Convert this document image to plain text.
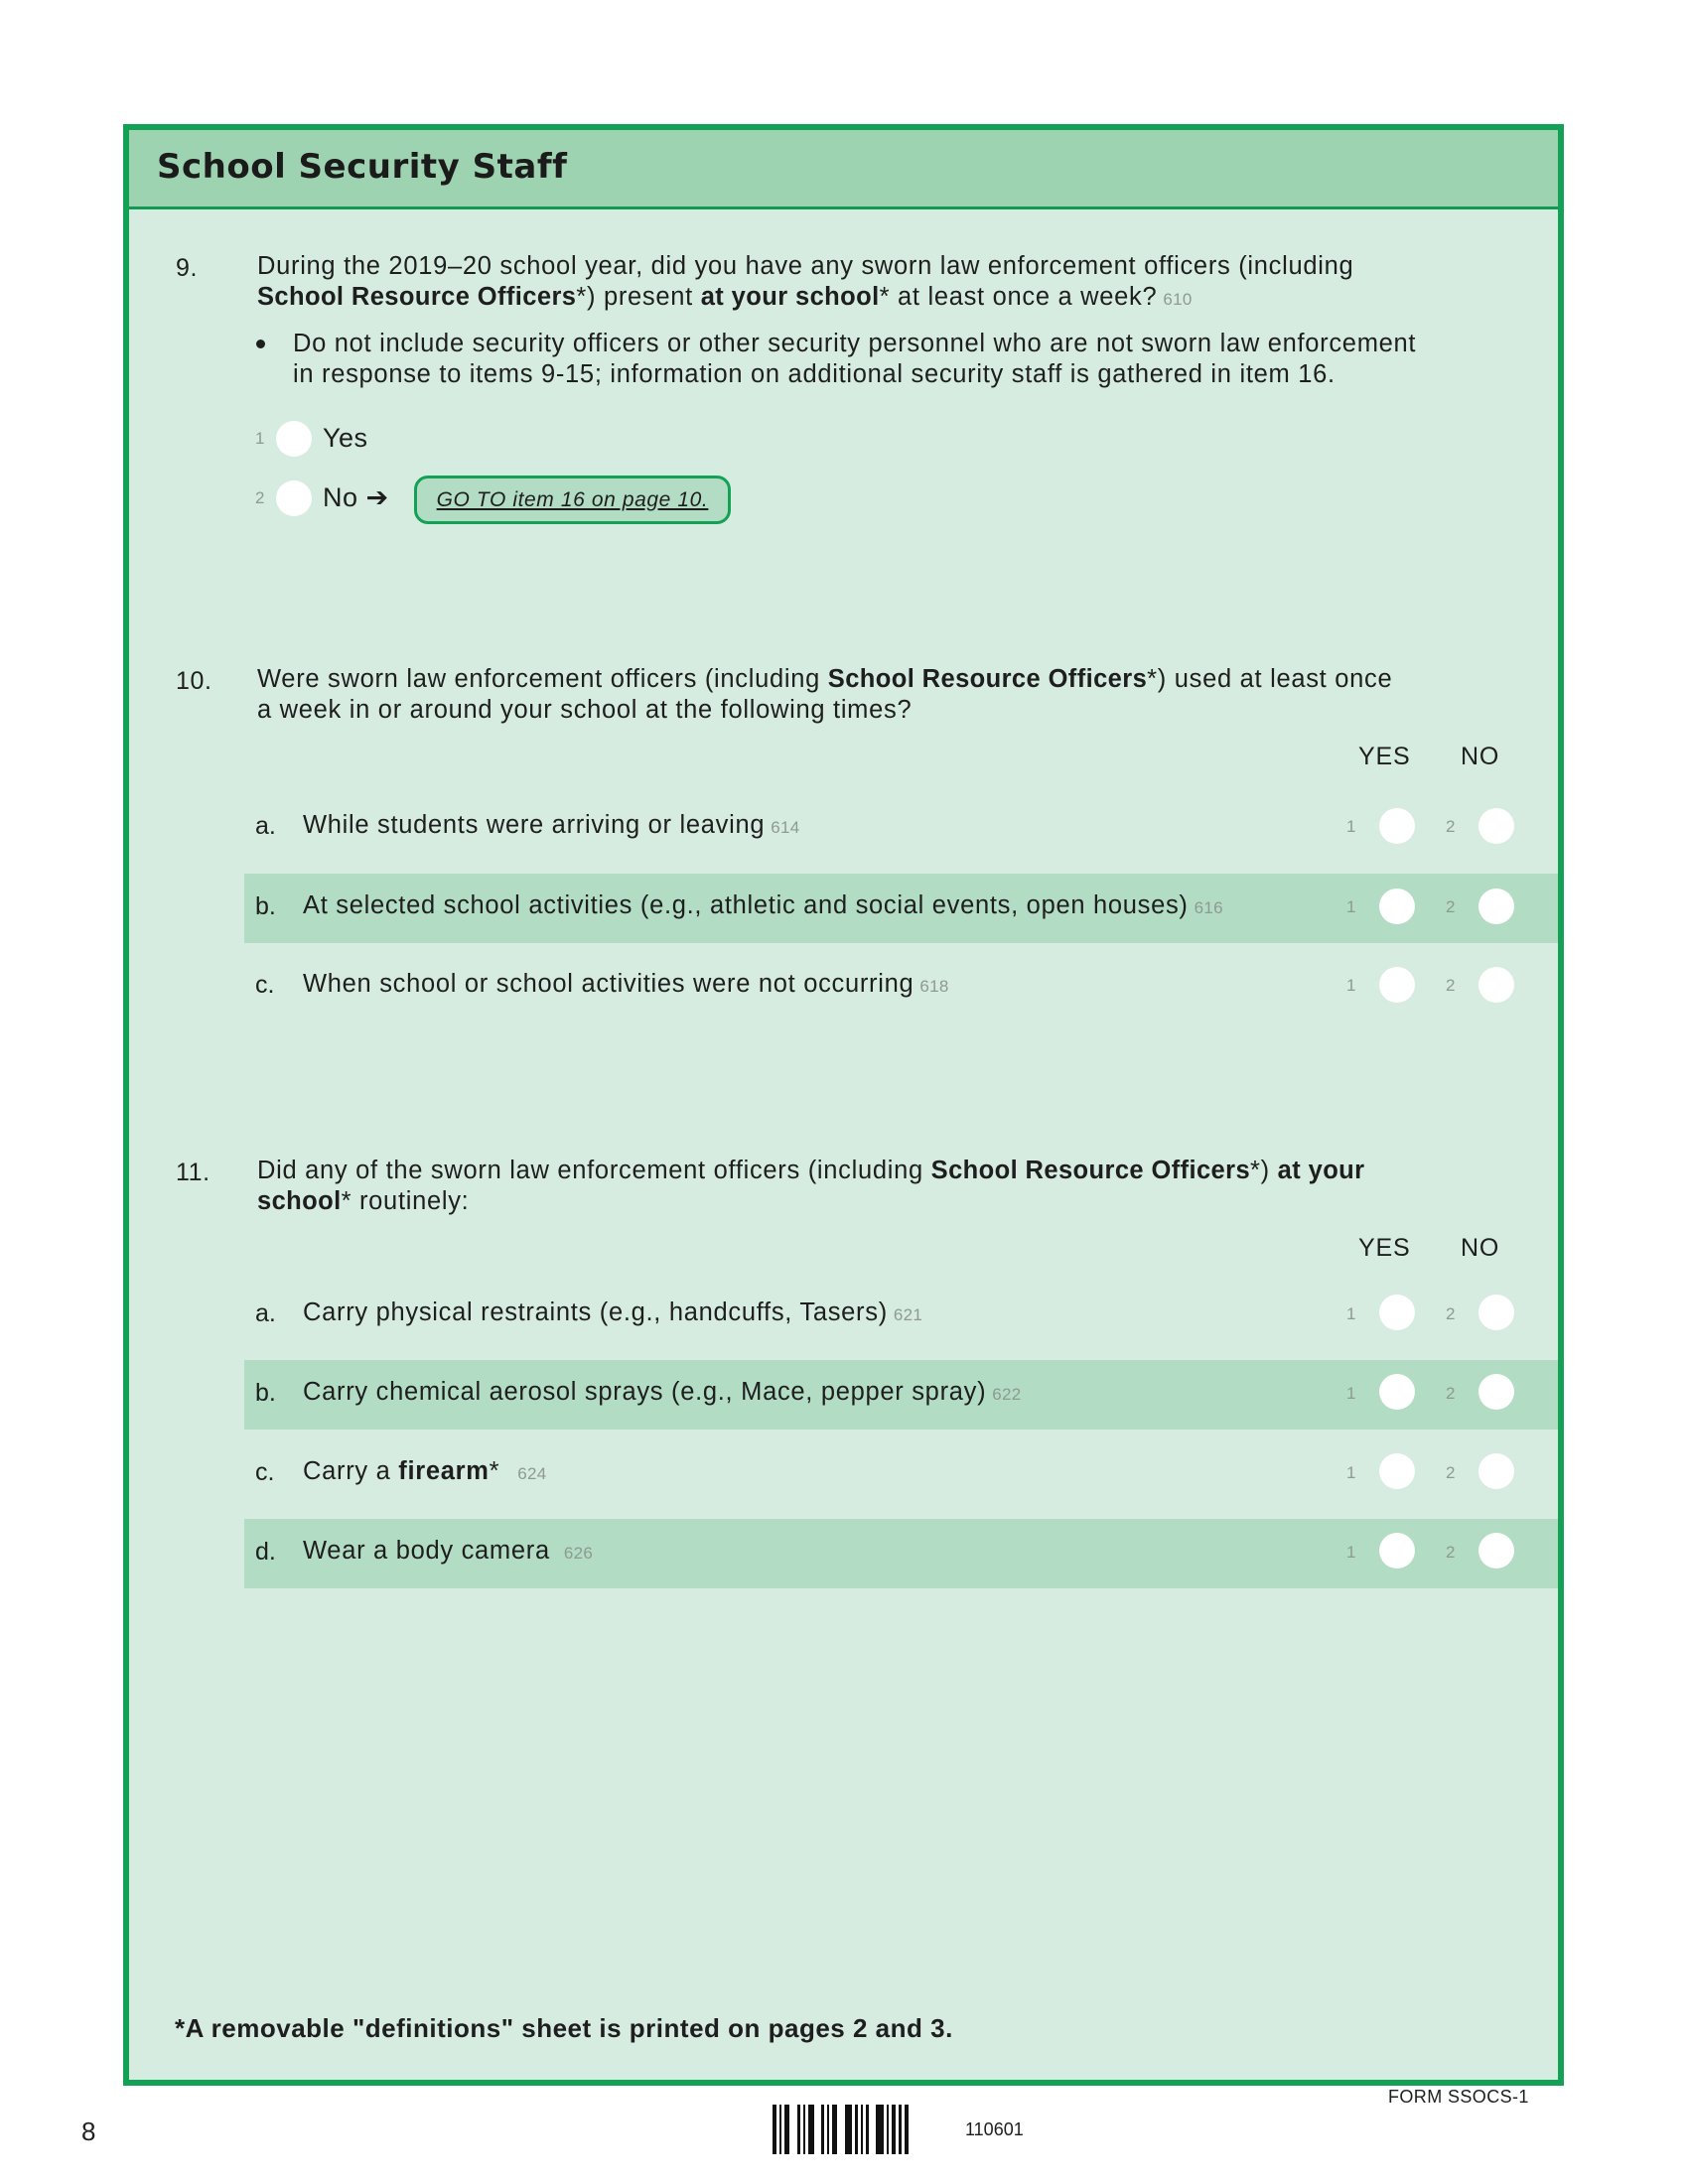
School Security Staff
9. During the 2019–20 school year, did you have any sworn law enforcement officers (including
School Resource Officers*) present at your school* at least once a week? 610
Do not include security officers or other security personnel who are not sworn law enforcement
in response to items 9-15; information on additional security staff is gathered in item 16.
1 Yes
2 No ➔ GO TO item 16 on page 10.
10. Were sworn law enforcement officers (including School Resource Officers*) used at least once
a week in or around your school at the following times?
YES NO
a. While students were arriving or leaving 614	1	2
b. At selected school activities (e.g., athletic and social events, open houses) 616	1	2
c. When school or school activities were not occurring 618	1	2
11. Did any of the sworn law enforcement officers (including School Resource Officers*) at your
school* routinely:
YES NO
a. Carry physical restraints (e.g., handcuffs, Tasers) 621	1	2
b. Carry chemical aerosol sprays (e.g., Mace, pepper spray) 622	1	2
c. Carry a firearm* 624	1	2
d. Wear a body camera 626	1	2
*A removable "definitions" sheet is printed on pages 2 and 3.
8	110601
FORM SSOCS-1
